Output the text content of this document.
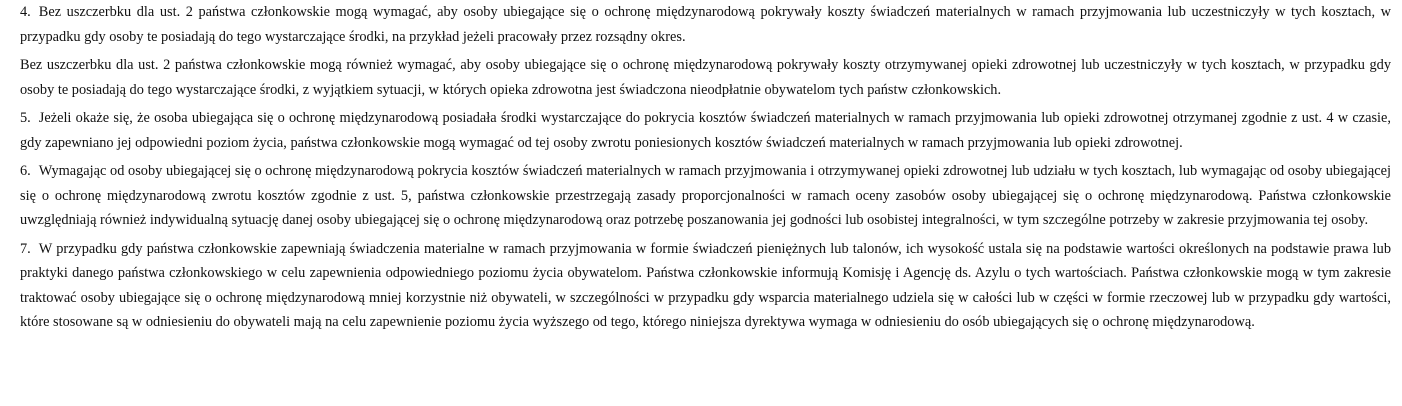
4. Bez uszczerbku dla ust. 2 państwa członkowskie mogą wymagać, aby osoby ubiegające się o ochronę międzynarodową pokrywały koszty świadczeń materialnych w ramach przyjmowania lub uczestniczyły w tych kosztach, w przypadku gdy osoby te posiadają do tego wystarczające środki, na przykład jeżeli pracowały przez rozsądny okres.

Bez uszczerbku dla ust. 2 państwa członkowskie mogą również wymagać, aby osoby ubiegające się o ochronę międzynarodową pokrywały koszty otrzymywanej opieki zdrowotnej lub uczestniczyły w tych kosztach, w przypadku gdy osoby te posiadają do tego wystarczające środki, z wyjątkiem sytuacji, w których opieka zdrowotna jest świadczona nieodpłatnie obywatelom tych państw członkowskich.

5. Jeżeli okaże się, że osoba ubiegająca się o ochronę międzynarodową posiadała środki wystarczające do pokrycia kosztów świadczeń materialnych w ramach przyjmowania lub opieki zdrowotnej otrzymanej zgodnie z ust. 4 w czasie, gdy zapewniano jej odpowiedni poziom życia, państwa członkowskie mogą wymagać od tej osoby zwrotu poniesionych kosztów świadczeń materialnych w ramach przyjmowania lub opieki zdrowotnej.

6. Wymagając od osoby ubiegającej się o ochronę międzynarodową pokrycia kosztów świadczeń materialnych w ramach przyjmowania i otrzymywanej opieki zdrowotnej lub udziału w tych kosztach, lub wymagając od osoby ubiegającej się o ochronę międzynarodową zwrotu kosztów zgodnie z ust. 5, państwa członkowskie przestrzegają zasady proporcjonalności w ramach oceny zasobów osoby ubiegającej się o ochronę międzynarodową. Państwa członkowskie uwzględniają również indywidualną sytuację danej osoby ubiegającej się o ochronę międzynarodową oraz potrzebę poszanowania jej godności lub osobistej integralności, w tym szczególne potrzeby w zakresie przyjmowania tej osoby.

7. W przypadku gdy państwa członkowskie zapewniają świadczenia materialne w ramach przyjmowania w formie świadczeń pieniężnych lub talonów, ich wysokość ustala się na podstawie wartości określonych na podstawie prawa lub praktyki danego państwa członkowskiego w celu zapewnienia odpowiedniego poziomu życia obywatelom. Państwa członkowskie informują Komisję i Agencję ds. Azylu o tych wartościach. Państwa członkowskie mogą w tym zakresie traktować osoby ubiegające się o ochronę międzynarodową mniej korzystnie niż obywateli, w szczególności w przypadku gdy wsparcia materialnego udziela się w całości lub w części w formie rzeczowej lub w przypadku gdy wartości, które stosowane są w odniesieniu do obywateli mają na celu zapewnienie poziomu życia wyższego od tego, którego niniejsza dyrektywa wymaga w odniesieniu do osób ubiegających się o ochronę międzynarodową.
